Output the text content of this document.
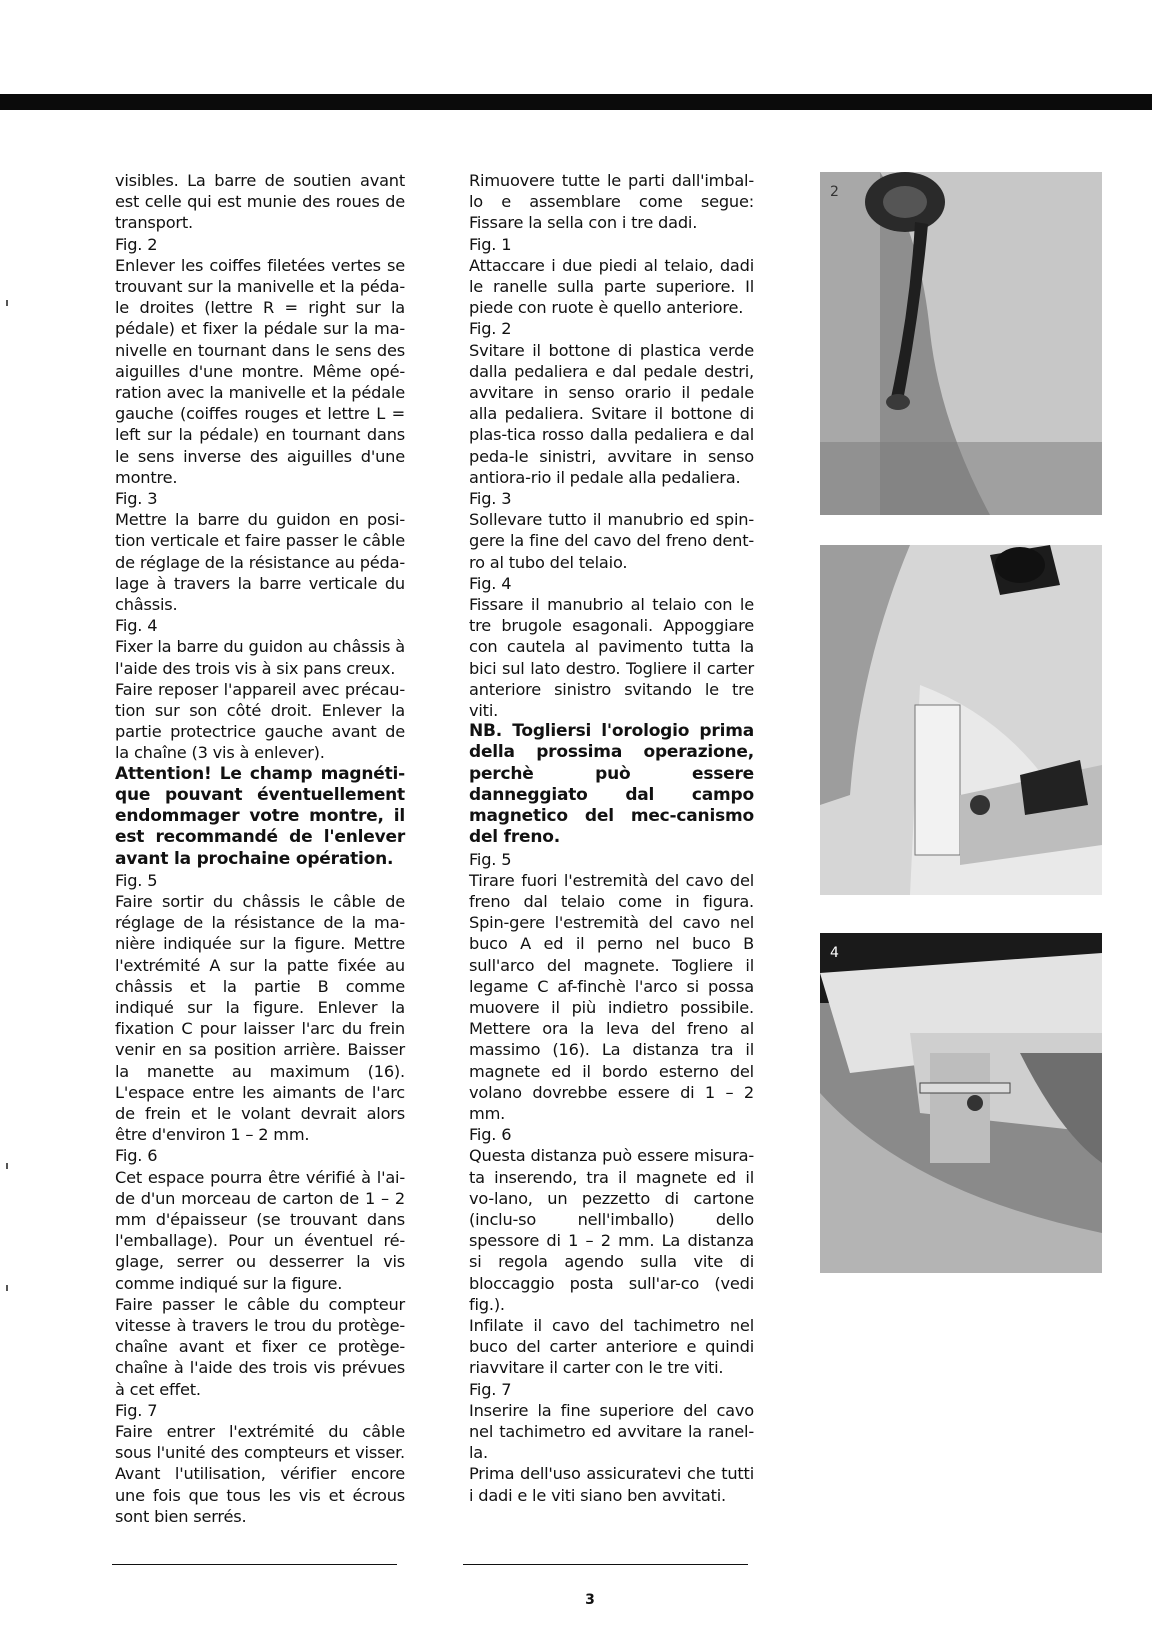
visibles. La barre de soutien avant est celle qui est munie des roues de transport.

Fig. 2

Enlever les coiffes filetées vertes se trouvant sur la manivelle et la péda-le droites (lettre R = right sur la pédale) et fixer la pédale sur la ma-nivelle en tournant dans le sens des aiguilles d'une montre. Même opé-ration avec la manivelle et la pédale gauche (coiffes rouges et lettre L = left sur la pédale) en tournant dans le sens inverse des aiguilles d'une montre.

Fig. 3

Mettre la barre du guidon en posi-tion verticale et faire passer le câble de réglage de la résistance au péda-lage à travers la barre verticale du châssis.

Fig. 4

Fixer la barre du guidon au châssis à l'aide des trois vis à six pans creux.

Faire reposer l'appareil avec précau-tion sur son côté droit. Enlever la partie protectrice gauche avant de la chaîne (3 vis à enlever).

Attention! Le champ magnéti-que pouvant éventuellement endommager votre montre, il est recommandé de l'enlever avant la prochaine opération.

Fig. 5

Faire sortir du châssis le câble de réglage de la résistance de la ma-nière indiquée sur la figure. Mettre l'extrémité A sur la patte fixée au châssis et la partie B comme indiqué sur la figure. Enlever la fixation C pour laisser l'arc du frein venir en sa position arrière. Baisser la manette au maximum (16). L'espace entre les aimants de l'arc de frein et le volant devrait alors être d'environ 1 – 2 mm.

Fig. 6

Cet espace pourra être vérifié à l'ai-de d'un morceau de carton de 1 – 2 mm d'épaisseur (se trouvant dans l'emballage). Pour un éventuel ré-glage, serrer ou desserrer la vis comme indiqué sur la figure.

Faire passer le câble du compteur vitesse à travers le trou du protège-chaîne avant et fixer ce protège-chaîne à l'aide des trois vis prévues à cet effet.

Fig. 7

Faire entrer l'extrémité du câble sous l'unité des compteurs et visser. Avant l'utilisation, vérifier encore une fois que tous les vis et écrous sont bien serrés.

Rimuovere tutte le parti dall'imbal-lo e assemblare come segue: Fissare la sella con i tre dadi.

Fig. 1

Attaccare i due piedi al telaio, dadi le ranelle sulla parte superiore. Il piede con ruote è quello anteriore.

Fig. 2

Svitare il bottone di plastica verde dalla pedaliera e dal pedale destri, avvitare in senso orario il pedale alla pedaliera. Svitare il bottone di plas-tica rosso dalla pedaliera e dal peda-le sinistri, avvitare in senso antiora-rio il pedale alla pedaliera.

Fig. 3

Sollevare tutto il manubrio ed spin-gere la fine del cavo del freno dent-ro al tubo del telaio.

Fig. 4

Fissare il manubrio al telaio con le tre brugole esagonali. Appoggiare con cautela al pavimento tutta la bici sul lato destro. Togliere il carter anteriore sinistro svitando le tre viti.

NB. Togliersi l'orologio prima della prossima operazione, perchè può essere danneggiato dal campo magnetico del mec-canismo del freno.

Fig. 5

Tirare fuori l'estremità del cavo del freno dal telaio come in figura. Spin-gere l'estremità del cavo nel buco A ed il perno nel buco B sull'arco del magnete. Togliere il legame C af-finchè l'arco si possa muovere il più indietro possibile. Mettere ora la leva del freno al massimo (16). La distanza tra il magnete ed il bordo esterno del volano dovrebbe essere di 1 – 2 mm.

Fig. 6

Questa distanza può essere misura-ta inserendo, tra il magnete ed il vo-lano, un pezzetto di cartone (inclu-so nell'imballo) dello spessore di 1 – 2 mm. La distanza si regola agendo sulla vite di bloccaggio posta sull'ar-co (vedi fig.).

Infilate il cavo del tachimetro nel buco del carter anteriore e quindi riavvitare il carter con le tre viti.

Fig. 7

Inserire la fine superiore del cavo nel tachimetro ed avvitare la ranel-la.

Prima dell'uso assicuratevi che tutti i dadi e le viti siano ben avvitati.

2
4
3
